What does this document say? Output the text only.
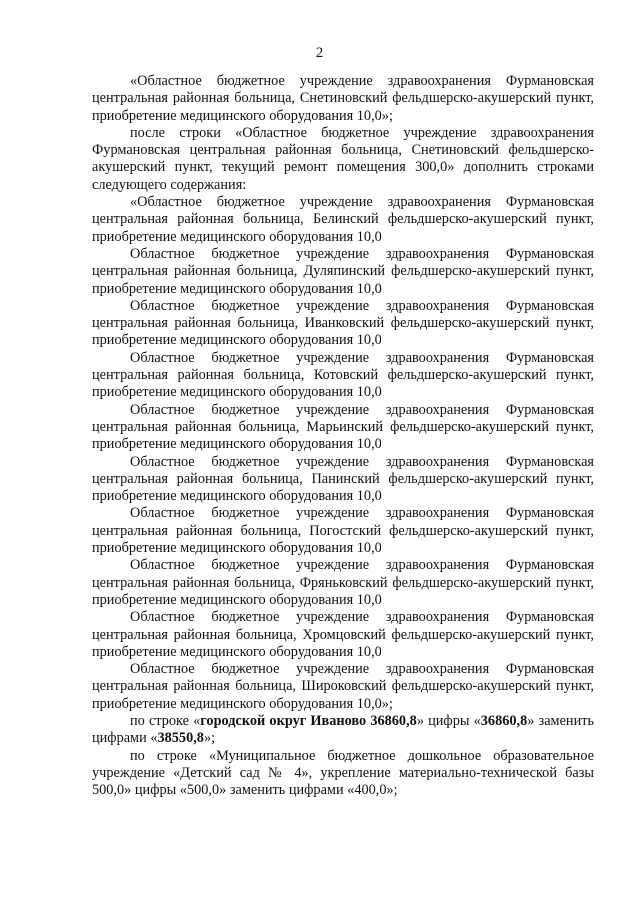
2

«Областное бюджетное учреждение здравоохранения Фурмановская центральная районная больница, Снетиновский фельдшерско-акушерский пункт, приобретение медицинского оборудования 10,0»;

после строки «Областное бюджетное учреждение здравоохранения Фурмановская центральная районная больница, Снетиновский фельдшерско-акушерский пункт, текущий ремонт помещения 300,0» дополнить строками следующего содержания:

«Областное бюджетное учреждение здравоохранения Фурмановская центральная районная больница, Белинский фельдшерско-акушерский пункт, приобретение медицинского оборудования 10,0

Областное бюджетное учреждение здравоохранения Фурмановская центральная районная больница, Дуляпинский фельдшерско-акушерский пункт, приобретение медицинского оборудования 10,0

Областное бюджетное учреждение здравоохранения Фурмановская центральная районная больница, Иванковский фельдшерско-акушерский пункт, приобретение медицинского оборудования 10,0

Областное бюджетное учреждение здравоохранения Фурмановская центральная районная больница, Котовский фельдшерско-акушерский пункт, приобретение медицинского оборудования 10,0

Областное бюджетное учреждение здравоохранения Фурмановская центральная районная больница, Марьинский фельдшерско-акушерский пункт, приобретение медицинского оборудования 10,0

Областное бюджетное учреждение здравоохранения Фурмановская центральная районная больница, Панинский фельдшерско-акушерский пункт, приобретение медицинского оборудования 10,0

Областное бюджетное учреждение здравоохранения Фурмановская центральная районная больница, Погостский фельдшерско-акушерский пункт, приобретение медицинского оборудования 10,0

Областное бюджетное учреждение здравоохранения Фурмановская центральная районная больница, Фряньковский фельдшерско-акушерский пункт, приобретение медицинского оборудования 10,0

Областное бюджетное учреждение здравоохранения Фурмановская центральная районная больница, Хромцовский фельдшерско-акушерский пункт, приобретение медицинского оборудования 10,0

Областное бюджетное учреждение здравоохранения Фурмановская центральная районная больница, Широковский фельдшерско-акушерский пункт, приобретение медицинского оборудования 10,0»;

по строке «городской округ Иваново 36860,8» цифры «36860,8» заменить цифрами «38550,8»;

по строке «Муниципальное бюджетное дошкольное образовательное учреждение «Детский сад № 4», укрепление материально-технической базы 500,0» цифры «500,0» заменить цифрами «400,0»;
